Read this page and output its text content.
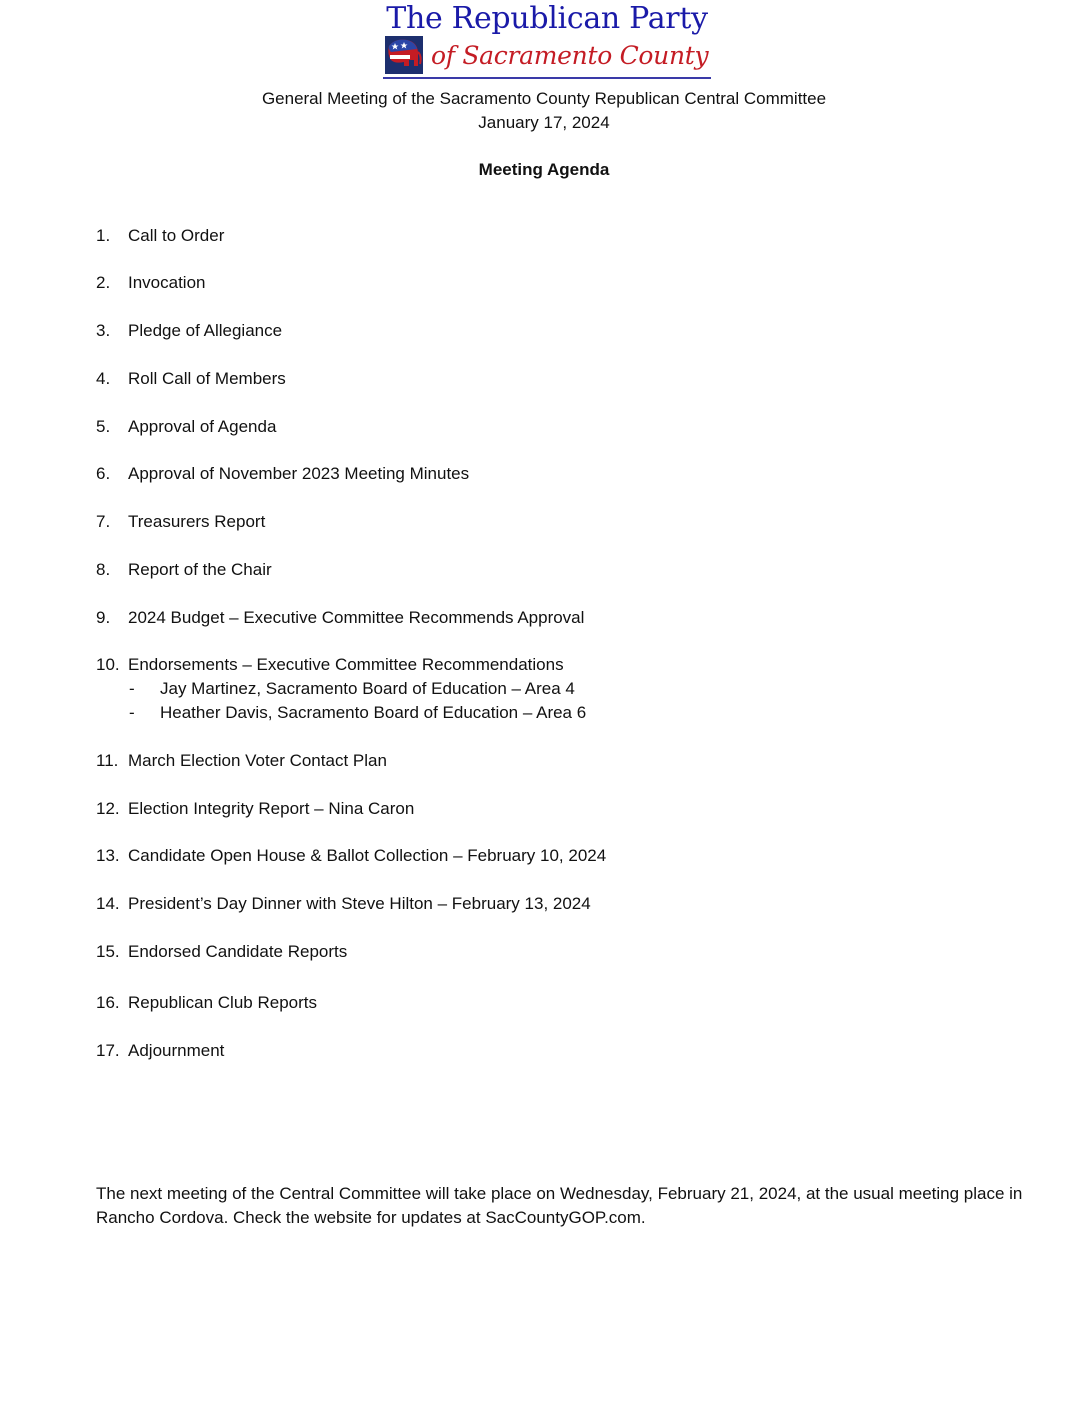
The Republican Party
of Sacramento County
General Meeting of the Sacramento County Republican Central Committee
January 17, 2024
Meeting Agenda
1. Call to Order
2. Invocation
3. Pledge of Allegiance
4. Roll Call of Members
5. Approval of Agenda
6. Approval of November 2023 Meeting Minutes
7. Treasurers Report
8. Report of the Chair
9. 2024 Budget – Executive Committee Recommends Approval
10. Endorsements – Executive Committee Recommendations
- Jay Martinez, Sacramento Board of Education – Area 4
- Heather Davis, Sacramento Board of Education – Area 6
11. March Election Voter Contact Plan
12. Election Integrity Report – Nina Caron
13. Candidate Open House & Ballot Collection – February 10, 2024
14. President’s Day Dinner with Steve Hilton – February 13, 2024
15. Endorsed Candidate Reports
16. Republican Club Reports
17. Adjournment
The next meeting of the Central Committee will take place on Wednesday, February 21, 2024, at the usual meeting place in Rancho Cordova. Check the website for updates at SacCountyGOP.com.
